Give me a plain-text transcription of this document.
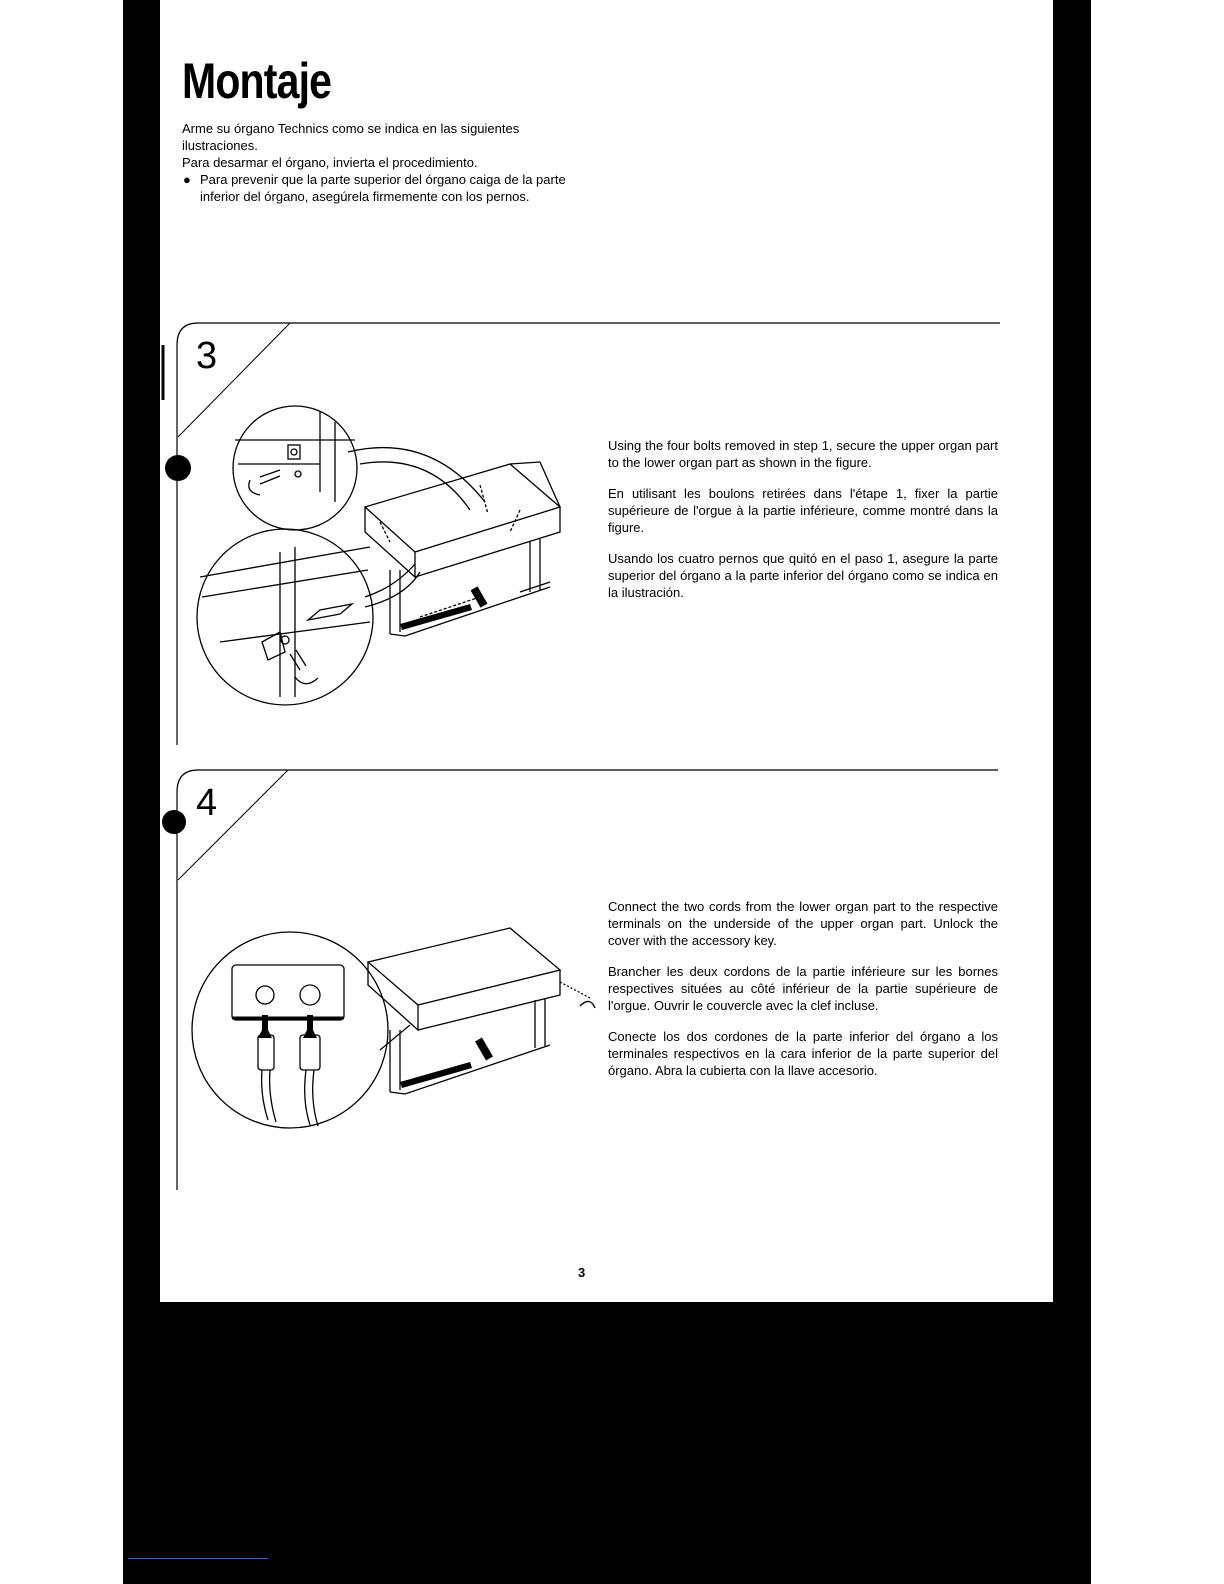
Montaje

Arme su órgano Technics como se indica en las siguientes ilustraciones.

Para desarmar el órgano, invierta el procedimiento.

● Para prevenir que la parte superior del órgano caiga de la parte inferior del órgano, asegúrela firmemente con los pernos.

3

Using the four bolts removed in step 1, secure the upper organ part to the lower organ part as shown in the figure.

En utilisant les boulons retirées dans l'étape 1, fixer la partie supérieure de l'orgue à la partie inférieure, comme montré dans la figure.

Usando los cuatro pernos que quitó en el paso 1, asegure la parte superior del órgano a la parte inferior del órgano como se indica en la ilustración.

4

Connect the two cords from the lower organ part to the respective terminals on the underside of the upper organ part. Unlock the cover with the accessory key.

Brancher les deux cordons de la partie inférieure sur les bornes respectives situées au côté inférieur de la partie supérieure de l'orgue. Ouvrir le couvercle avec la clef incluse.

Conecte los dos cordones de la parte inferior del órgano a los terminales respectivos en la cara inferior de la parte superior del órgano. Abra la cubierta con la llave accesorio.

3
